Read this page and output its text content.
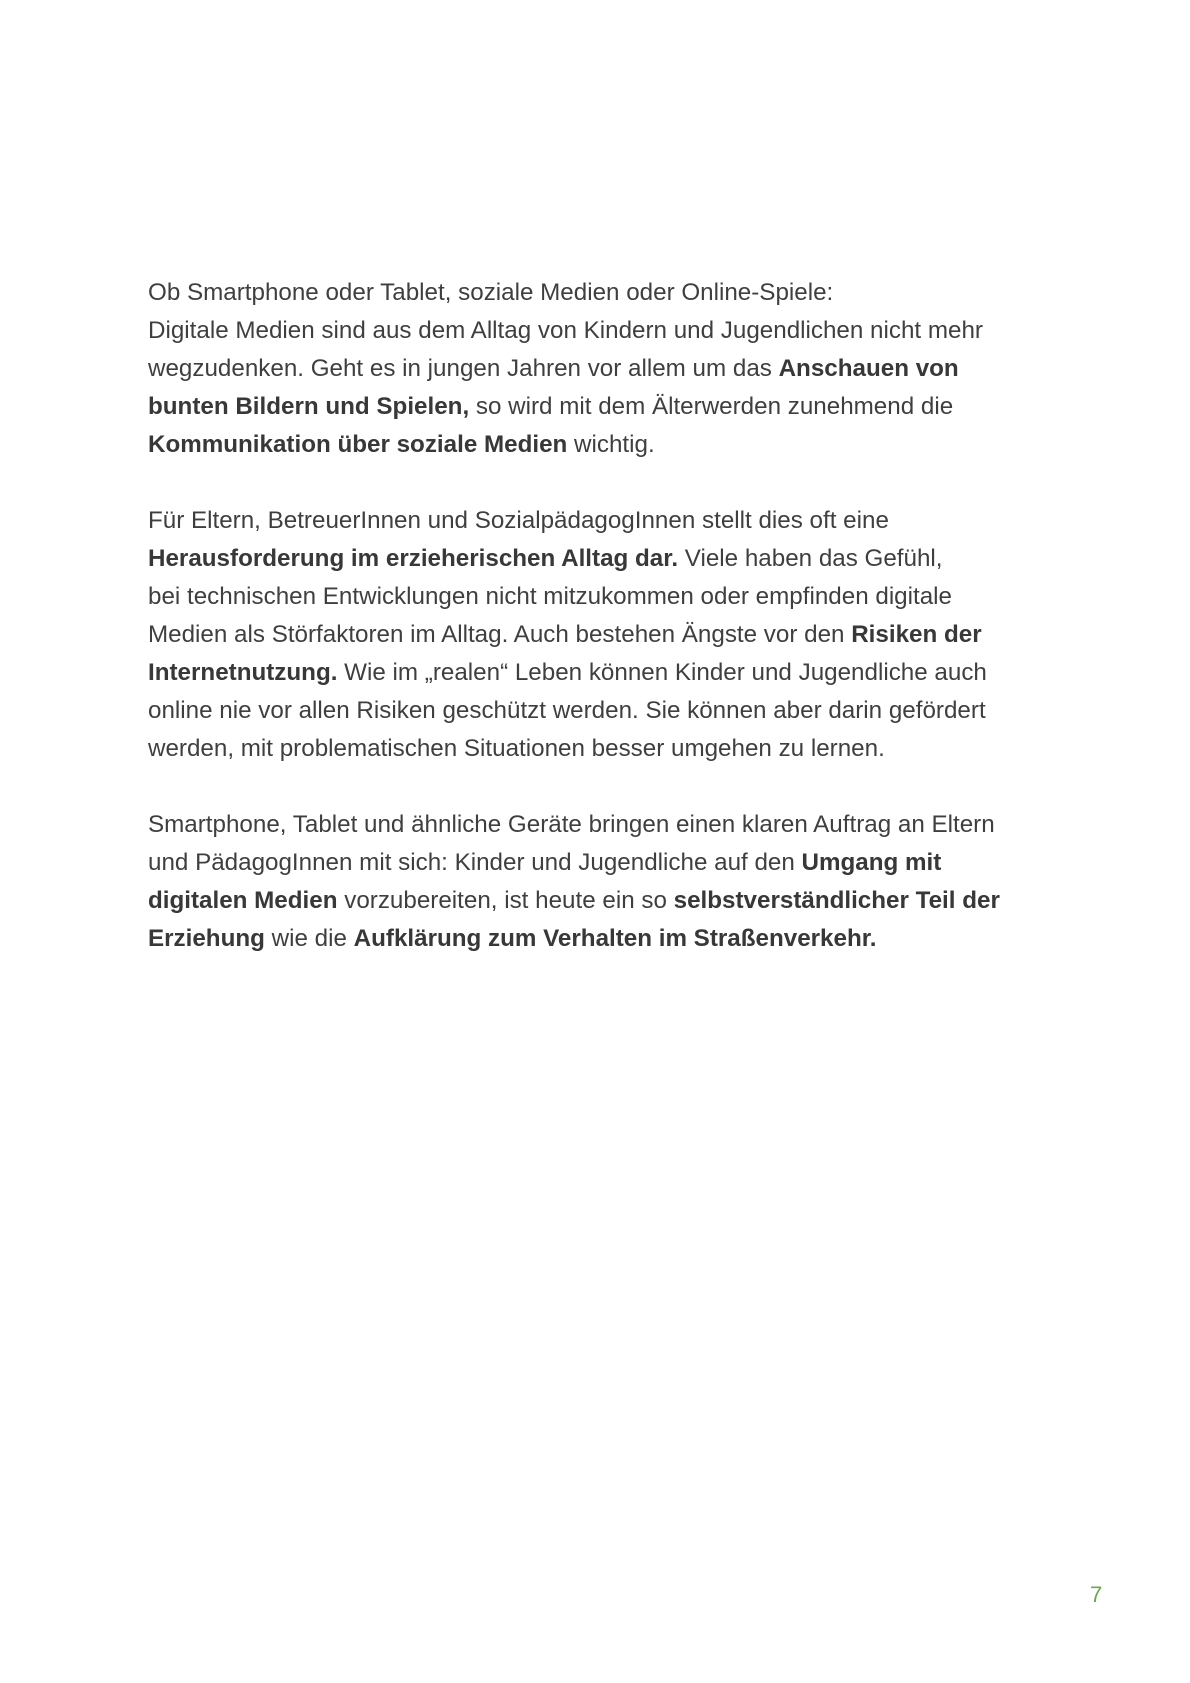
Ob Smartphone oder Tablet, soziale Medien oder Online-Spiele:
Digitale Medien sind aus dem Alltag von Kindern und Jugendlichen nicht mehr
wegzudenken. Geht es in jungen Jahren vor allem um das Anschauen von
bunten Bildern und Spielen, so wird mit dem Älterwerden zunehmend die
Kommunikation über soziale Medien wichtig.

Für Eltern, BetreuerInnen und SozialpädagogInnen stellt dies oft eine
Herausforderung im erzieherischen Alltag dar. Viele haben das Gefühl,
bei technischen Entwicklungen nicht mitzukommen oder empfinden digitale
Medien als Störfaktoren im Alltag. Auch bestehen Ängste vor den Risiken der
Internetnutzung. Wie im „realen“ Leben können Kinder und Jugendliche auch
online nie vor allen Risiken geschützt werden. Sie können aber darin gefördert
werden, mit problematischen Situationen besser umgehen zu lernen.

Smartphone, Tablet und ähnliche Geräte bringen einen klaren Auftrag an Eltern
und PädagogInnen mit sich: Kinder und Jugendliche auf den Umgang mit
digitalen Medien vorzubereiten, ist heute ein so selbstverständlicher Teil der
Erziehung wie die Aufklärung zum Verhalten im Straßenverkehr.

7
